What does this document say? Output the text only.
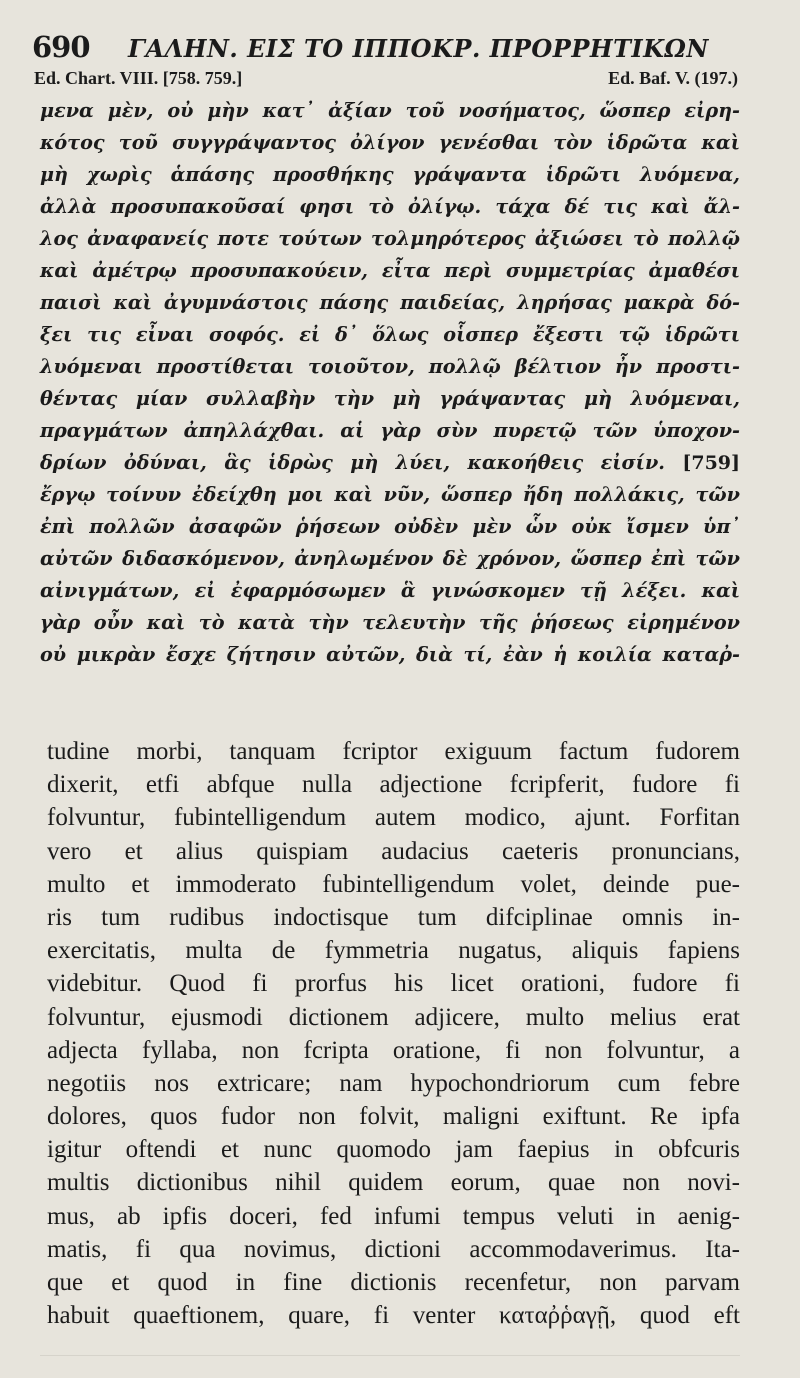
690 ΓΑΛΗΝ. ΕΙΣ ΤΟ ΙΠΠΟΚΡ. ΠΡΟΡΡΗΤΙΚΩΝ
Ed. Chart. VIII. [758. 759.]	Ed. Baf. V. (197.)
μενα μὲν, οὐ μὴν κατ᾽ ἀξίαν τοῦ νοσήματος, ὥσπερ εἰρη-
κότος τοῦ συγγράψαντος ὀλίγον γενέσθαι τὸν ἱδρῶτα καὶ
μὴ χωρὶς ἁπάσης προσθήκης γράψαντα ἱδρῶτι λυόμενα,
ἀλλὰ προσυπακοῦσαί φησι τὸ ὀλίγῳ. τάχα δέ τις καὶ ἄλ-
λος ἀναφανείς ποτε τούτων τολμηρότερος ἀξιώσει τὸ πολλῷ
καὶ ἀμέτρῳ προσυπακούειν, εἶτα περὶ συμμετρίας ἀμαθέσι
παισὶ καὶ ἀγυμνάστοις πάσης παιδείας, ληρήσας μακρὰ δό-
ξει τις εἶναι σοφός. εἰ δ᾽ ὅλως οἷσπερ ἔξεστι τῷ ἱδρῶτι
λυόμεναι προστίθεται τοιοῦτον, πολλῷ βέλτιον ἦν προστι-
θέντας μίαν συλλαβὴν τὴν μὴ γράψαντας μὴ λυόμεναι,
πραγμάτων ἀπηλλάχθαι. αἱ γὰρ σὺν πυρετῷ τῶν ὑποχον-
δρίων ὀδύναι, ἃς ἱδρὼς μὴ λύει, κακοήθεις εἰσίν. [759]
ἔργῳ τοίνυν ἐδείχθη μοι καὶ νῦν, ὥσπερ ἤδη πολλάκις, τῶν
ἐπὶ πολλῶν ἀσαφῶν ῥήσεων οὐδὲν μὲν ὧν οὐκ ἴσμεν ὑπ᾽
αὐτῶν διδασκόμενον, ἀνηλωμένον δὲ χρόνον, ὥσπερ ἐπὶ τῶν
αἰνιγμάτων, εἰ ἐφαρμόσωμεν ἃ γινώσκομεν τῇ λέξει. καὶ
γὰρ οὖν καὶ τὸ κατὰ τὴν τελευτὴν τῆς ῥήσεως εἰρημένον
οὐ μικρὰν ἔσχε ζήτησιν αὐτῶν, διὰ τί, ἐὰν ἡ κοιλία καταῤ-
tudine morbi, tanquam fcriptor exiguum factum fudorem
dixerit, etfi abfque nulla adjectione fcripferit, fudore fi
folvuntur, fubintelligendum autem modico, ajunt. Forfitan
vero et alius quispiam audacius caeteris pronuncians,
multo et immoderato fubintelligendum volet, deinde pue-
ris tum rudibus indoctisque tum difciplinae omnis in-
exercitatis, multa de fymmetria nugatus, aliquis fapiens
videbitur. Quod fi prorfus his licet orationi, fudore fi
folvuntur, ejusmodi dictionem adjicere, multo melius erat
adjecta fyllaba, non fcripta oratione, fi non folvuntur, a
negotiis nos extricare; nam hypochondriorum cum febre
dolores, quos fudor non folvit, maligni exiftunt. Re ipfa
igitur oftendi et nunc quomodo jam faepius in obfcuris
multis dictionibus nihil quidem eorum, quae non novi-
mus, ab ipfis doceri, fed infumi tempus veluti in aenig-
matis, fi qua novimus, dictioni accommodaverimus. Ita-
que et quod in fine dictionis recenfetur, non parvam
habuit quaeftionem, quare, fi venter καταῤῥαγῇ, quod eft
